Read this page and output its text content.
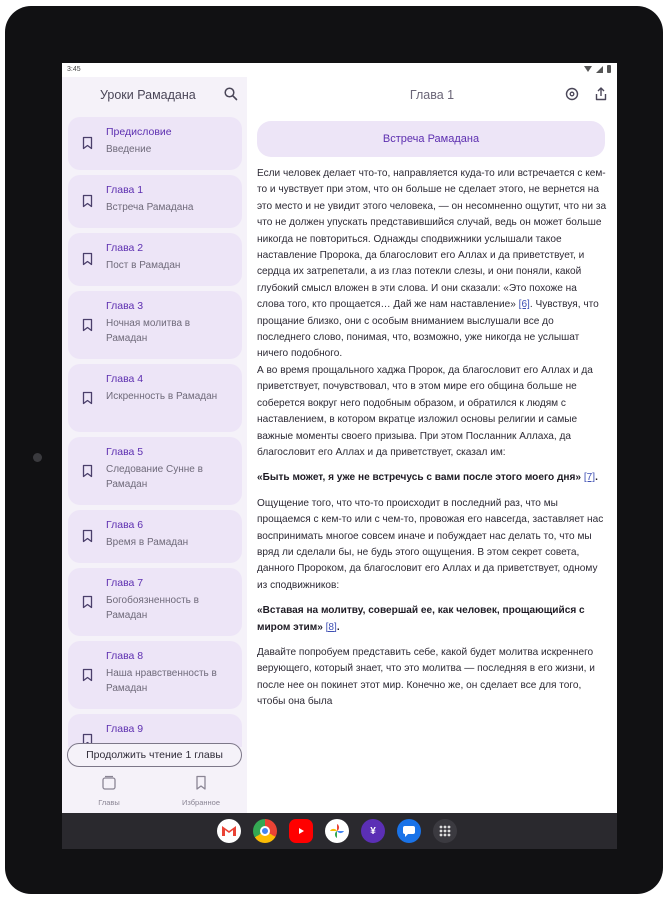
3:45
Уроки Рамадана
Предисловие
Введение
Глава 1
Встреча Рамадана
Глава 2
Пост в Рамадан
Глава 3
Ночная молитва в Рамадан
Глава 4
Искренность в Рамадан
Глава 5
Следование Сунне в Рамадан
Глава 6
Время в Рамадан
Глава 7
Богобоязненность в Рамадан
Глава 8
Наша нравственность в Рамадан
Глава 9
Продолжить чтение 1 главы
Главы	Избранное
Глава 1
Встреча Рамадана

Если человек делает что-то, направляется куда-то или встречается с кем-то и чувствует при этом, что он больше не сделает этого, не вернется на это место и не увидит этого человека, — он несомненно ощутит, что ни за что не должен упускать представившийся случай, ведь он может больше никогда не повториться. Однажды сподвижники услышали такое наставление Пророка, да благословит его Аллах и да приветствует, и сердца их затрепетали, а из глаз потекли слезы, и они поняли, какой глубокий смысл вложен в эти слова. И они сказали: «Это похоже на слова того, кто прощается… Дай же нам наставление» [6]. Чувствуя, что прощание близко, они с особым вниманием выслушали все до последнего слово, понимая, что, возможно, уже никогда не услышат ничего подобного.

А во время прощального хаджа Пророк, да благословит его Аллах и да приветствует, почувствовал, что в этом мире его община больше не соберется вокруг него подобным образом, и обратился к людям с наставлением, в котором вкратце изложил основы религии и самые важные моменты своего призыва. При этом Посланник Аллаха, да благословит его Аллах и да приветствует, сказал им:

«Быть может, я уже не встречусь с вами после этого моего дня» [7].

Ощущение того, что что-то происходит в последний раз, что мы прощаемся с кем-то или с чем-то, провожая его навсегда, заставляет нас воспринимать многое совсем иначе и побуждает нас делать то, что мы вряд ли сделали бы, не будь этого ощущения. В этом секрет совета, данного Пророком, да благословит его Аллах и да приветствует, одному из сподвижников:

«Вставая на молитву, совершай ее, как человек, прощающийся с миром этим» [8].

Давайте попробуем представить себе, какой будет молитва искреннего верующего, который знает, что это молитва — последняя в его жизни, и после нее он покинет этот мир. Конечно же, он сделает все для того, чтобы она была

¥
